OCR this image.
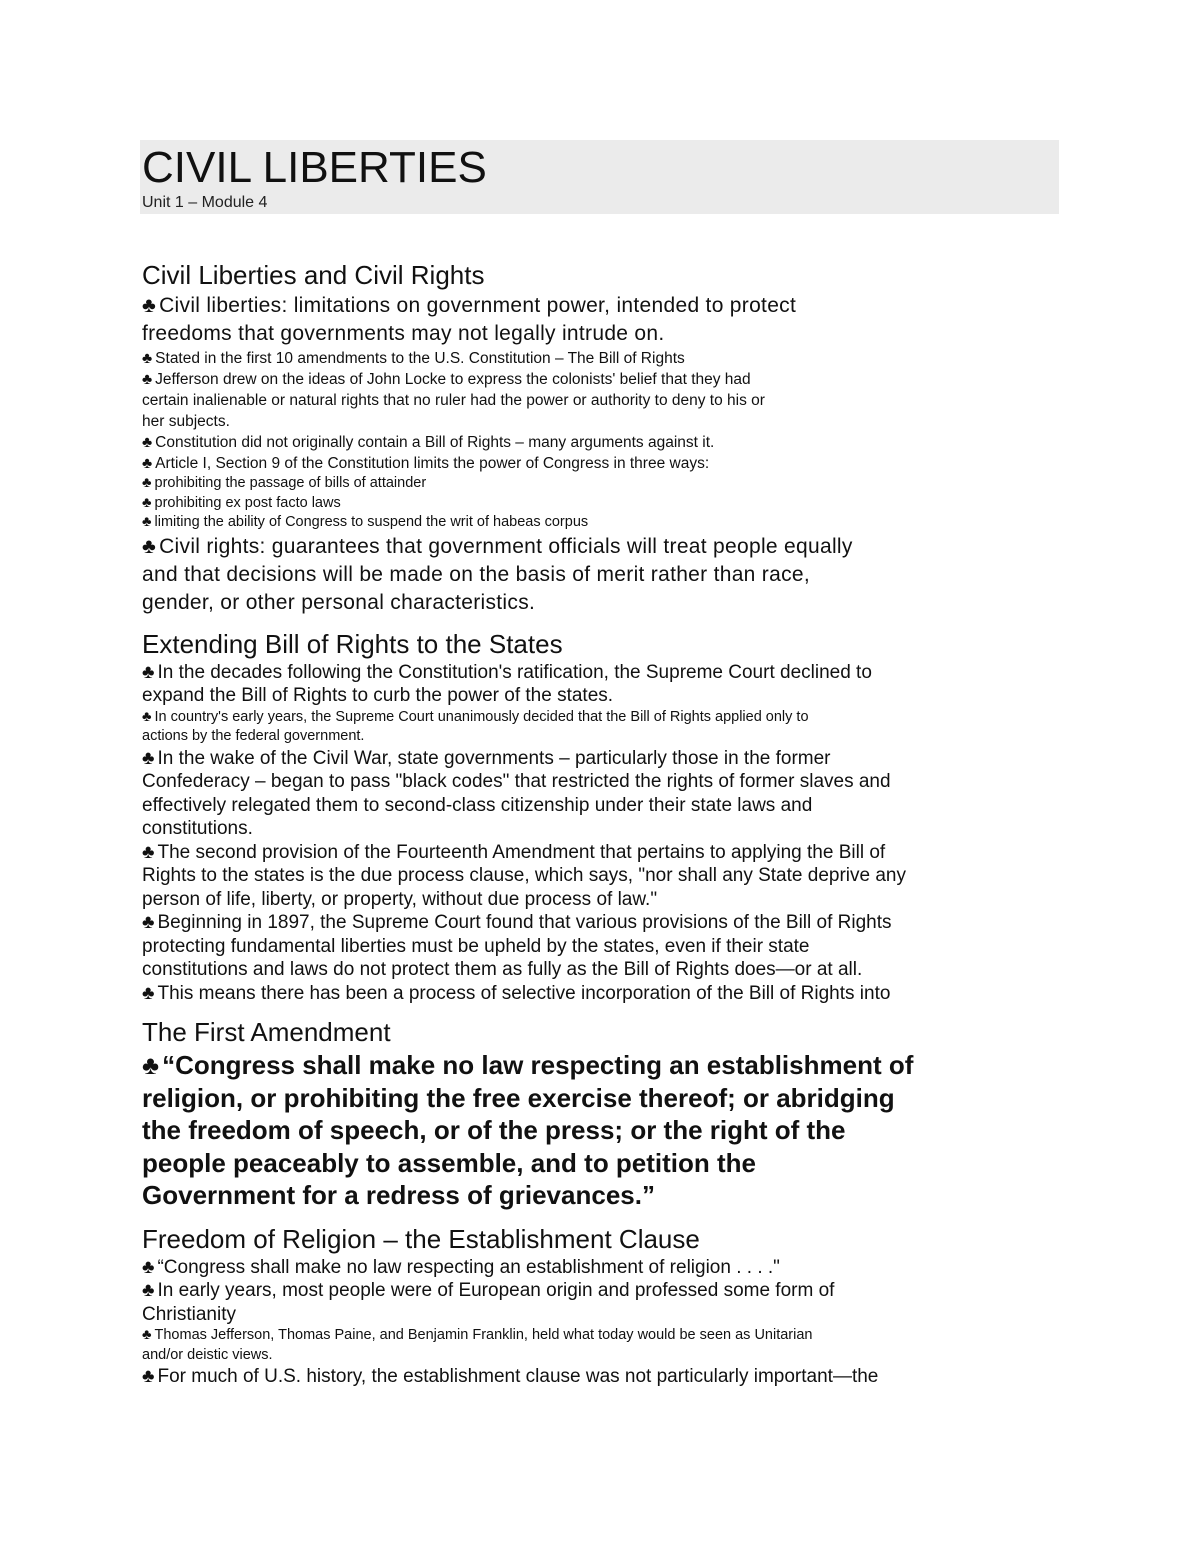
CIVIL LIBERTIES
Unit 1 – Module 4
Civil Liberties and Civil Rights

♣ Civil liberties: limitations on government power, intended to protect

freedoms that governments may not legally intrude on.

♣ Stated in the first 10 amendments to the U.S. Constitution – The Bill of Rights

♣ Jefferson drew on the ideas of John Locke to express the colonists' belief that they had

certain inalienable or natural rights that no ruler had the power or authority to deny to his or

her subjects.

♣ Constitution did not originally contain a Bill of Rights – many arguments against it.

♣ Article I, Section 9 of the Constitution limits the power of Congress in three ways:

♣ prohibiting the passage of bills of attainder

♣ prohibiting ex post facto laws

♣ limiting the ability of Congress to suspend the writ of habeas corpus

♣ Civil rights: guarantees that government officials will treat people equally

and that decisions will be made on the basis of merit rather than race,

gender, or other personal characteristics.

Extending Bill of Rights to the States

♣ In the decades following the Constitution's ratification, the Supreme Court declined to

expand the Bill of Rights to curb the power of the states.

♣ In country's early years, the Supreme Court unanimously decided that the Bill of Rights applied only to

actions by the federal government.

♣ In the wake of the Civil War, state governments – particularly those in the former

Confederacy – began to pass "black codes" that restricted the rights of former slaves and

effectively relegated them to second-class citizenship under their state laws and

constitutions.

♣ The second provision of the Fourteenth Amendment that pertains to applying the Bill of

Rights to the states is the due process clause, which says, "nor shall any State deprive any

person of life, liberty, or property, without due process of law."

♣ Beginning in 1897, the Supreme Court found that various provisions of the Bill of Rights

protecting fundamental liberties must be upheld by the states, even if their state

constitutions and laws do not protect them as fully as the Bill of Rights does—or at all.

♣ This means there has been a process of selective incorporation of the Bill of Rights into

The First Amendment

♣ “Congress shall make no law respecting an establishment of

religion, or prohibiting the free exercise thereof; or abridging

the freedom of speech, or of the press; or the right of the

people peaceably to assemble, and to petition the

Government for a redress of grievances.”

Freedom of Religion – the Establishment Clause

♣ “Congress shall make no law respecting an establishment of religion . . . ."

♣ In early years, most people were of European origin and professed some form of

Christianity

♣ Thomas Jefferson, Thomas Paine, and Benjamin Franklin, held what today would be seen as Unitarian

and/or deistic views.

♣ For much of U.S. history, the establishment clause was not particularly important—the
